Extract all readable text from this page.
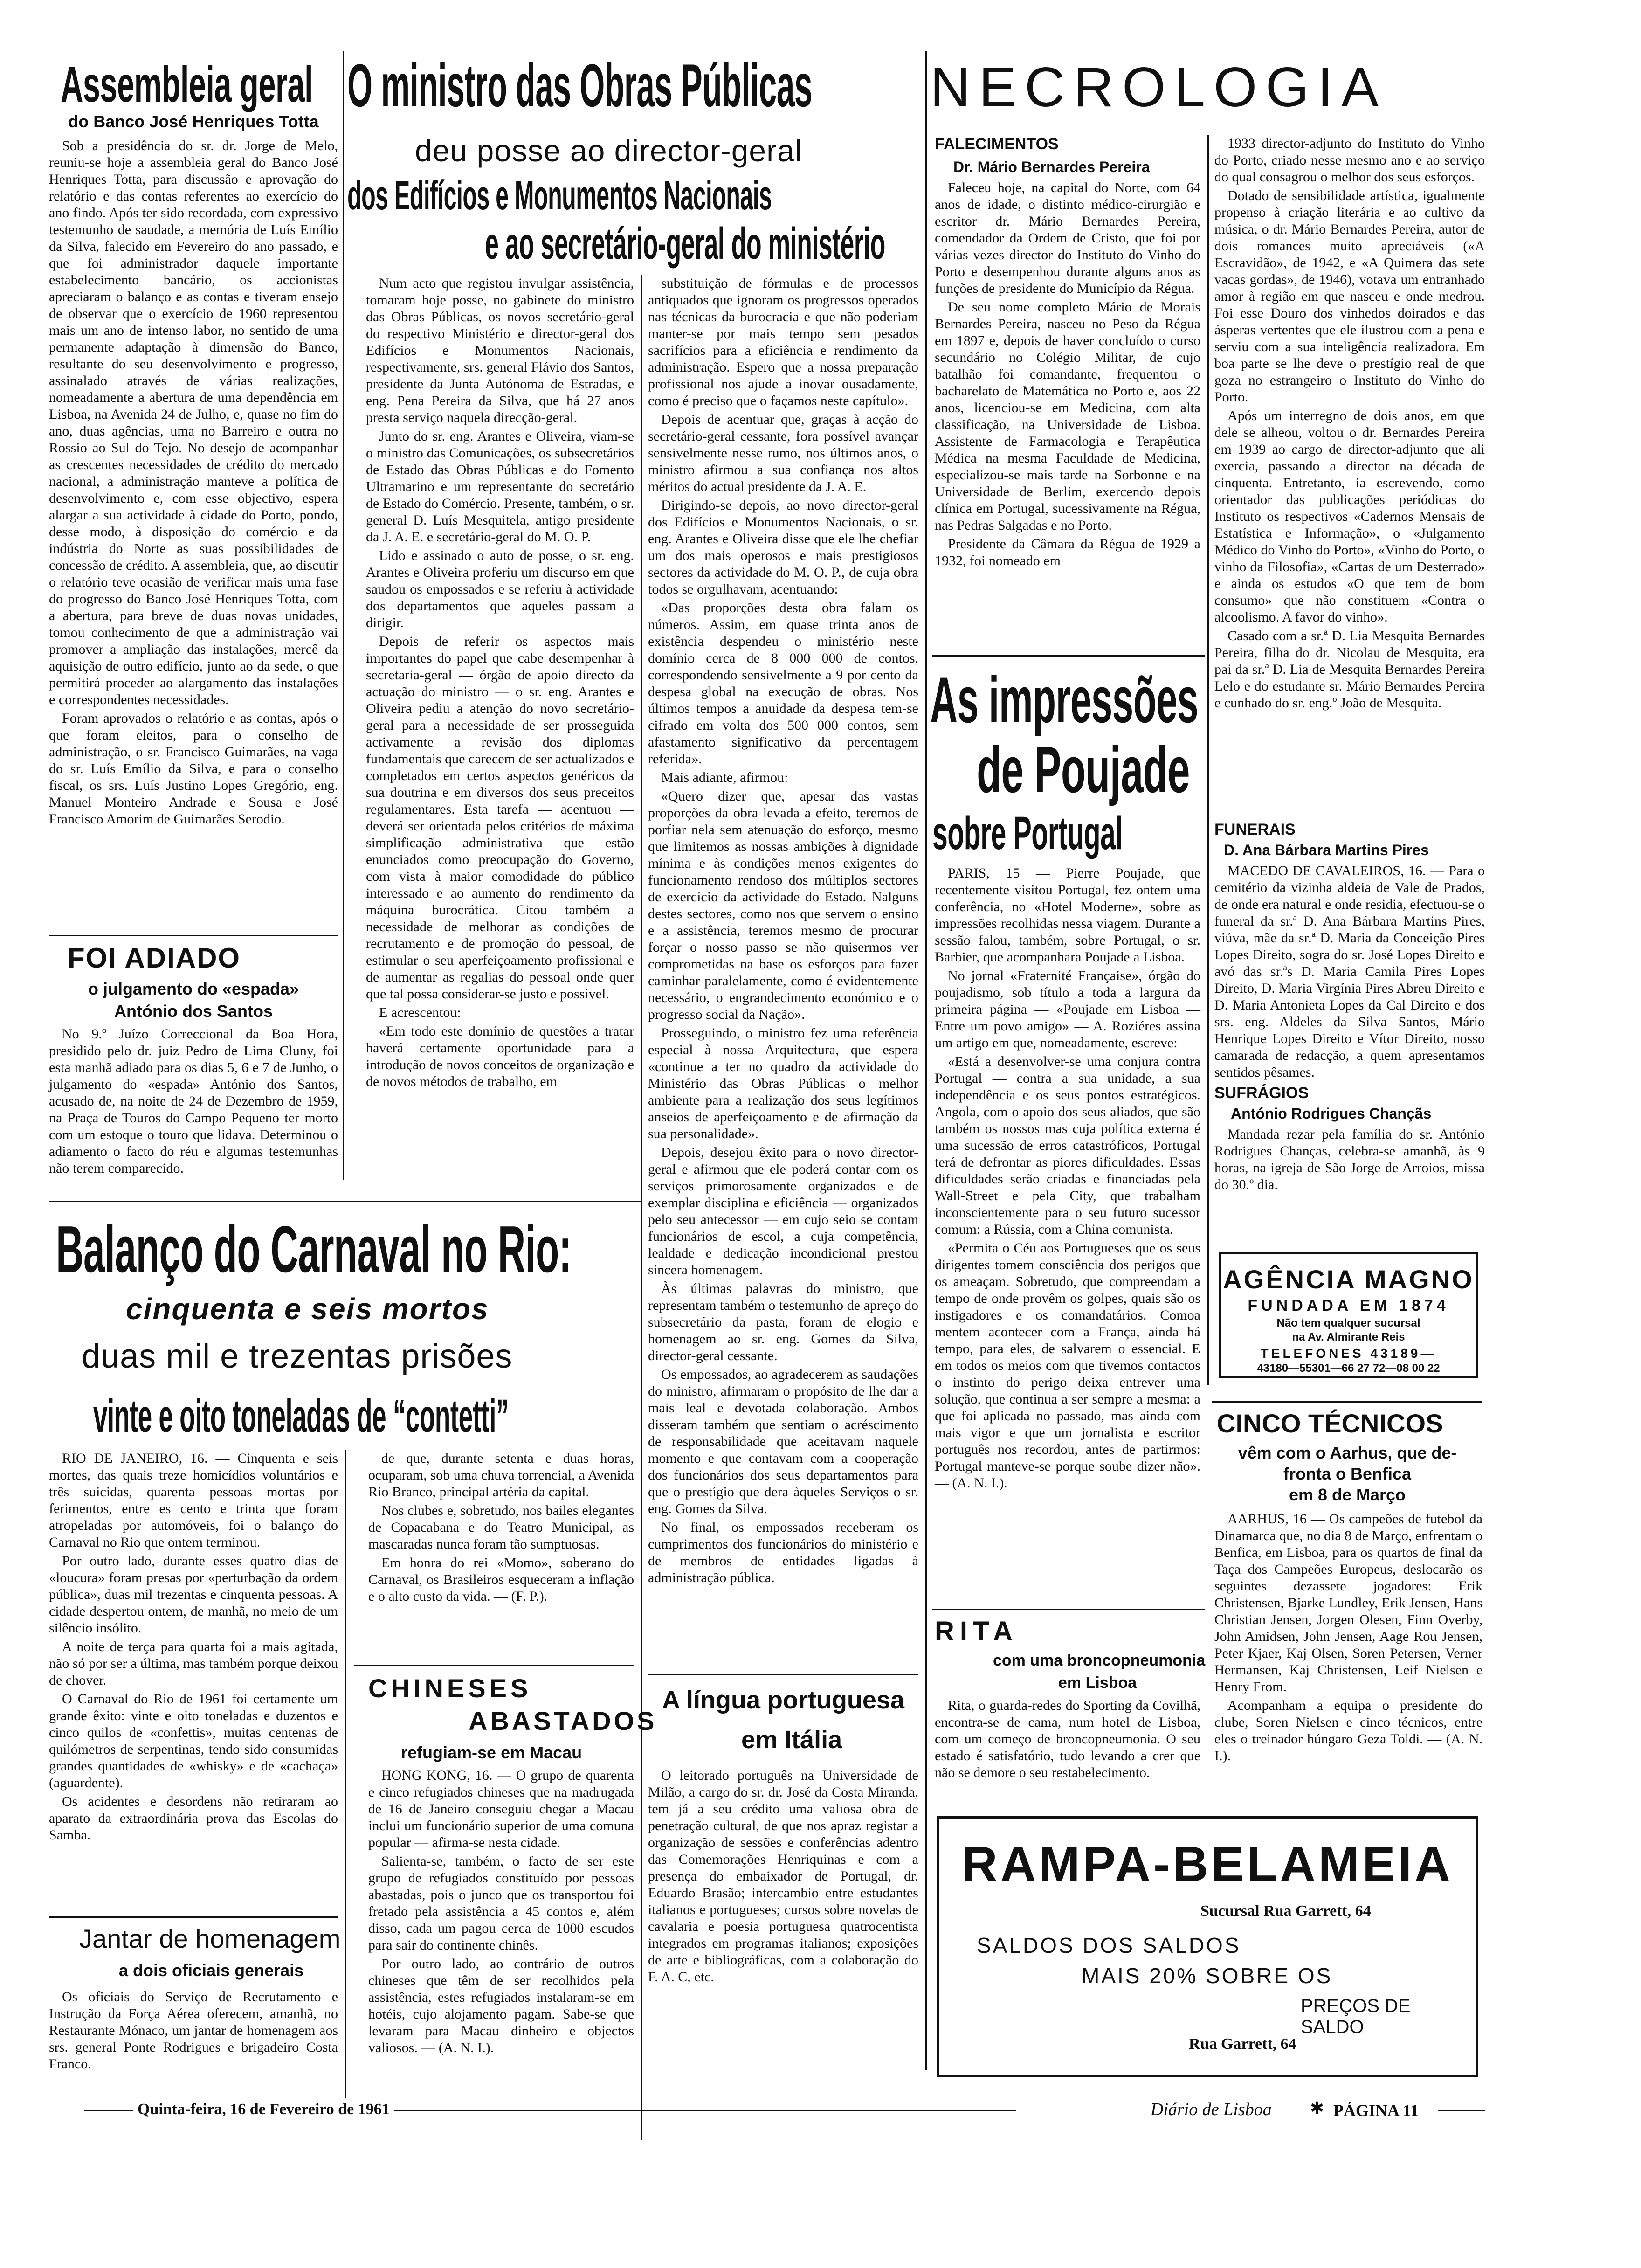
Assembleia geral
do Banco José Henriques Totta

Sob a presidência do sr. dr. Jorge de Melo, reuniu-se hoje a assembleia geral do Banco José Henriques Totta, para discussão e aprovação do relatório e das contas referentes ao exercício do ano findo. Após ter sido recordada, com expressivo testemunho de saudade, a memória de Luís Emílio da Silva, falecido em Fevereiro do ano passado, e que foi administrador daquele importante estabelecimento bancário, os accionistas apreciaram o balanço e as contas e tiveram ensejo de observar que o exercício de 1960 representou mais um ano de intenso labor, no sentido de uma permanente adaptação à dimensão do Banco, resultante do seu desenvolvimento e progresso, assinalado através de várias realizações, nomeadamente a abertura de uma dependência em Lisboa, na Avenida 24 de Julho, e, quase no fim do ano, duas agências, uma no Barreiro e outra no Rossio ao Sul do Tejo. No desejo de acompanhar as crescentes necessidades de crédito do mercado nacional, a administração manteve a política de desenvolvimento e, com esse objectivo, espera alargar a sua actividade à cidade do Porto, pondo, desse modo, à disposição do comércio e da indústria do Norte as suas possibilidades de concessão de crédito. A assembleia, que, ao discutir o relatório teve ocasião de verificar mais uma fase do progresso do Banco José Henriques Totta, com a abertura, para breve de duas novas unidades, tomou conhecimento de que a administração vai promover a ampliação das instalações, mercê da aquisição de outro edifício, junto ao da sede, o que permitirá proceder ao alargamento das instalações e correspondentes necessidades.

Foram aprovados o relatório e as contas, após o que foram eleitos, para o conselho de administração, o sr. Francisco Guimarães, na vaga do sr. Luís Emílio da Silva, e para o conselho fiscal, os srs. Luís Justino Lopes Gregório, eng. Manuel Monteiro Andrade e Sousa e José Francisco Amorim de Guimarães Serodio.

FOI ADIADO
o julgamento do «espada»
António dos Santos

No 9.º Juízo Correccional da Boa Hora, presidido pelo dr. juiz Pedro de Lima Cluny, foi esta manhã adiado para os dias 5, 6 e 7 de Junho, o julgamento do «espada» António dos Santos, acusado de, na noite de 24 de Dezembro de 1959, na Praça de Touros do Campo Pequeno ter morto com um estoque o touro que lidava. Determinou o adiamento o facto do réu e algumas testemunhas não terem comparecido.

O ministro das Obras Públicas
deu posse ao director-geral
dos Edifícios e Monumentos Nacionais
e ao secretário-geral do ministério

Num acto que registou invulgar assistência, tomaram hoje posse, no gabinete do ministro das Obras Públicas, os novos secretário-geral do respectivo Ministério e director-geral dos Edifícios e Monumentos Nacionais, respectivamente, srs. general Flávio dos Santos, presidente da Junta Autónoma de Estradas, e eng. Pena Pereira da Silva, que há 27 anos presta serviço naquela direcção-geral.

Junto do sr. eng. Arantes e Oliveira, viam-se o ministro das Comunicações, os subsecretários de Estado das Obras Públicas e do Fomento Ultramarino e um representante do secretário de Estado do Comércio. Presente, também, o sr. general D. Luís Mesquitela, antigo presidente da J. A. E. e secretário-geral do M. O. P.

Lido e assinado o auto de posse, o sr. eng. Arantes e Oliveira proferiu um discurso em que saudou os empossados e se referiu à actividade dos departamentos que aqueles passam a dirigir.

Depois de referir os aspectos mais importantes do papel que cabe desempenhar à secretaria-geral — órgão de apoio directo da actuação do ministro — o sr. eng. Arantes e Oliveira pediu a atenção do novo secretário-geral para a necessidade de ser prosseguida activamente a revisão dos diplomas fundamentais que carecem de ser actualizados e completados em certos aspectos genéricos da sua doutrina e em diversos dos seus preceitos regulamentares. Esta tarefa — acentuou — deverá ser orientada pelos critérios de máxima simplificação administrativa que estão enunciados como preocupação do Governo, com vista à maior comodidade do público interessado e ao aumento do rendimento da máquina burocrática. Citou também a necessidade de melhorar as condições de recrutamento e de promoção do pessoal, de estimular o seu aperfeiçoamento profissional e de aumentar as regalias do pessoal onde quer que tal possa considerar-se justo e possível.

E acrescentou:

«Em todo este domínio de questões a tratar haverá certamente oportunidade para a introdução de novos conceitos de organização e de novos métodos de trabalho, em

substituição de fórmulas e de processos antiquados que ignoram os progressos operados nas técnicas da burocracia e que não poderiam manter-se por mais tempo sem pesados sacrifícios para a eficiência e rendimento da administração. Espero que a nossa preparação profissional nos ajude a inovar ousadamente, como é preciso que o façamos neste capítulo».

Depois de acentuar que, graças à acção do secretário-geral cessante, fora possível avançar sensivelmente nesse rumo, nos últimos anos, o ministro afirmou a sua confiança nos altos méritos do actual presidente da J. A. E.

Dirigindo-se depois, ao novo director-geral dos Edifícios e Monumentos Nacionais, o sr. eng. Arantes e Oliveira disse que ele lhe chefiar um dos mais operosos e mais prestigiosos sectores da actividade do M. O. P., de cuja obra todos se orgulhavam, acentuando:

«Das proporções desta obra falam os números. Assim, em quase trinta anos de existência despendeu o ministério neste domínio cerca de 8 000 000 de contos, correspondendo sensivelmente a 9 por cento da despesa global na execução de obras. Nos últimos tempos a anuidade da despesa tem-se cifrado em volta dos 500 000 contos, sem afastamento significativo da percentagem referida».

Mais adiante, afirmou:

«Quero dizer que, apesar das vastas proporções da obra levada a efeito, teremos de porfiar nela sem atenuação do esforço, mesmo que limitemos as nossas ambições à dignidade mínima e às condições menos exigentes do funcionamento rendoso dos múltiplos sectores de exercício da actividade do Estado. Nalguns destes sectores, como nos que servem o ensino e a assistência, teremos mesmo de procurar forçar o nosso passo se não quisermos ver comprometidas na base os esforços para fazer caminhar paralelamente, como é evidentemente necessário, o engrandecimento económico e o progresso social da Nação».

Prosseguindo, o ministro fez uma referência especial à nossa Arquitectura, que espera «continue a ter no quadro da actividade do Ministério das Obras Públicas o melhor ambiente para a realização dos seus legítimos anseios de aperfeiçoamento e de afirmação da sua personalidade».

Depois, desejou êxito para o novo director-geral e afirmou que ele poderá contar com os serviços primorosamente organizados e de exemplar disciplina e eficiência — organizados pelo seu antecessor — em cujo seio se contam funcionários de escol, a cuja competência, lealdade e dedicação incondicional prestou sincera homenagem.

Às últimas palavras do ministro, que representam também o testemunho de apreço do subsecretário da pasta, foram de elogio e homenagem ao sr. eng. Gomes da Silva, director-geral cessante.

Os empossados, ao agradecerem as saudações do ministro, afirmaram o propósito de lhe dar a mais leal e devotada colaboração. Ambos disseram também que sentiam o acréscimento de responsabilidade que aceitavam naquele momento e que contavam com a cooperação dos funcionários dos seus departamentos para que o prestígio que dera àqueles Serviços o sr. eng. Gomes da Silva.

No final, os empossados receberam os cumprimentos dos funcionários do ministério e de membros de entidades ligadas à administração pública.

Balanço do Carnaval no Rio:
cinquenta e seis mortos
duas mil e trezentas prisões
vinte e oito toneladas de “contetti”

RIO DE JANEIRO, 16. — Cinquenta e seis mortes, das quais treze homicídios voluntários e três suicidas, quarenta pessoas mortas por ferimentos, entre es cento e trinta que foram atropeladas por automóveis, foi o balanço do Carnaval no Rio que ontem terminou.

Por outro lado, durante esses quatro dias de «loucura» foram presas por «perturbação da ordem pública», duas mil trezentas e cinquenta pessoas. A cidade despertou ontem, de manhã, no meio de um silêncio insólito.

A noite de terça para quarta foi a mais agitada, não só por ser a última, mas também porque deixou de chover.

O Carnaval do Rio de 1961 foi certamente um grande êxito: vinte e oito toneladas e duzentos e cinco quilos de «confettis», muitas centenas de quilómetros de serpentinas, tendo sido consumidas grandes quantidades de «whisky» e de «cachaça» (aguardente).

Os acidentes e desordens não retiraram ao aparato da extraordinária prova das Escolas do Samba.

de que, durante setenta e duas horas, ocuparam, sob uma chuva torrencial, a Avenida Rio Branco, principal artéria da capital.

Nos clubes e, sobretudo, nos bailes elegantes de Copacabana e do Teatro Municipal, as mascaradas nunca foram tão sumptuosas.

Em honra do rei «Momo», soberano do Carnaval, os Brasileiros esqueceram a inflação e o alto custo da vida. — (F. P.).

Jantar de homenagem
a dois oficiais generais

Os oficiais do Serviço de Recrutamento e Instrução da Força Aérea oferecem, amanhã, no Restaurante Mónaco, um jantar de homenagem aos srs. general Ponte Rodrigues e brigadeiro Costa Franco.

CHINESES
ABASTADOS
refugiam-se em Macau

HONG KONG, 16. — O grupo de quarenta e cinco refugiados chineses que na madrugada de 16 de Janeiro conseguiu chegar a Macau inclui um funcionário superior de uma comuna popular — afirma-se nesta cidade.

Salienta-se, também, o facto de ser este grupo de refugiados constituído por pessoas abastadas, pois o junco que os transportou foi fretado pela assistência a 45 contos e, além disso, cada um pagou cerca de 1000 escudos para sair do continente chinês.

Por outro lado, ao contrário de outros chineses que têm de ser recolhidos pela assistência, estes refugiados instalaram-se em hotéis, cujo alojamento pagam. Sabe-se que levaram para Macau dinheiro e objectos valiosos. — (A. N. I.).

A língua portuguesa
em Itália

O leitorado português na Universidade de Milão, a cargo do sr. dr. José da Costa Miranda, tem já a seu crédito uma valiosa obra de penetração cultural, de que nos apraz registar a organização de sessões e conferências adentro das Comemorações Henriquinas e com a presença do embaixador de Portugal, dr. Eduardo Brasão; intercambio entre estudantes italianos e portugueses; cursos sobre novelas de cavalaria e poesia portuguesa quatrocentista integrados em programas italianos; exposições de arte e bibliográficas, com a colaboração do F. A. C, etc.

NECROLOGIA
FALECIMENTOS
Dr. Mário Bernardes Pereira

Faleceu hoje, na capital do Norte, com 64 anos de idade, o distinto médico-cirurgião e escritor dr. Mário Bernardes Pereira, comendador da Ordem de Cristo, que foi por várias vezes director do Instituto do Vinho do Porto e desempenhou durante alguns anos as funções de presidente do Município da Régua.

De seu nome completo Mário de Morais Bernardes Pereira, nasceu no Peso da Régua em 1897 e, depois de haver concluído o curso secundário no Colégio Militar, de cujo batalhão foi comandante, frequentou o bacharelato de Matemática no Porto e, aos 22 anos, licenciou-se em Medicina, com alta classificação, na Universidade de Lisboa. Assistente de Farmacologia e Terapêutica Médica na mesma Faculdade de Medicina, especializou-se mais tarde na Sorbonne e na Universidade de Berlim, exercendo depois clínica em Portugal, sucessivamente na Régua, nas Pedras Salgadas e no Porto.

Presidente da Câmara da Régua de 1929 a 1932, foi nomeado em

1933 director-adjunto do Instituto do Vinho do Porto, criado nesse mesmo ano e ao serviço do qual consagrou o melhor dos seus esforços.

Dotado de sensibilidade artística, igualmente propenso à criação literária e ao cultivo da música, o dr. Mário Bernardes Pereira, autor de dois romances muito apreciáveis («A Escravidão», de 1942, e «A Quimera das sete vacas gordas», de 1946), votava um entranhado amor à região em que nasceu e onde medrou. Foi esse Douro dos vinhedos doirados e das ásperas vertentes que ele ilustrou com a pena e serviu com a sua inteligência realizadora. Em boa parte se lhe deve o prestígio real de que goza no estrangeiro o Instituto do Vinho do Porto.

Após um interregno de dois anos, em que dele se alheou, voltou o dr. Bernardes Pereira em 1939 ao cargo de director-adjunto que ali exercia, passando a director na década de cinquenta. Entretanto, ia escrevendo, como orientador das publicações periódicas do Instituto os respectivos «Cadernos Mensais de Estatística e Informação», o «Julgamento Médico do Vinho do Porto», «Vinho do Porto, o vinho da Filosofia», «Cartas de um Desterrado» e ainda os estudos «O que tem de bom consumo» que não constituem «Contra o alcoolismo. A favor do vinho».

Casado com a sr.ª D. Lia Mesquita Bernardes Pereira, filha do dr. Nicolau de Mesquita, era pai da sr.ª D. Lia de Mesquita Bernardes Pereira Lelo e do estudante sr. Mário Bernardes Pereira e cunhado do sr. eng.º João de Mesquita.

FUNERAIS
D. Ana Bárbara Martins Pires

MACEDO DE CAVALEIROS, 16. — Para o cemitério da vizinha aldeia de Vale de Prados, de onde era natural e onde residia, efectuou-se o funeral da sr.ª D. Ana Bárbara Martins Pires, viúva, mãe da sr.ª D. Maria da Conceição Pires Lopes Direito, sogra do sr. José Lopes Direito e avó das sr.ªs D. Maria Camila Pires Lopes Direito, D. Maria Virgínia Pires Abreu Direito e D. Maria Antonieta Lopes da Cal Direito e dos srs. eng. Aldeles da Silva Santos, Mário Henrique Lopes Direito e Vítor Direito, nosso camarada de redacção, a quem apresentamos sentidos pêsames.

SUFRÁGIOS
António Rodrigues Chançãs

Mandada rezar pela família do sr. António Rodrigues Chanças, celebra-se amanhã, às 9 horas, na igreja de São Jorge de Arroios, missa do 30.º dia.

As impressões
de Poujade
sobre Portugal

PARIS, 15 — Pierre Poujade, que recentemente visitou Portugal, fez ontem uma conferência, no «Hotel Moderne», sobre as impressões recolhidas nessa viagem. Durante a sessão falou, também, sobre Portugal, o sr. Barbier, que acompanhara Poujade a Lisboa.

No jornal «Fraternité Française», órgão do poujadismo, sob título a toda a largura da primeira página — «Poujade em Lisboa — Entre um povo amigo» — A. Roziéres assina um artigo em que, nomeadamente, escreve:

«Está a desenvolver-se uma conjura contra Portugal — contra a sua unidade, a sua independência e os seus pontos estratégicos. Angola, com o apoio dos seus aliados, que são também os nossos mas cuja política externa é uma sucessão de erros catastróficos, Portugal terá de defrontar as piores dificuldades. Essas dificuldades serão criadas e financiadas pela Wall-Street e pela City, que trabalham inconscientemente para o seu futuro sucessor comum: a Rússia, com a China comunista.

«Permita o Céu aos Portugueses que os seus dirigentes tomem consciência dos perigos que os ameaçam. Sobretudo, que compreendam a tempo de onde provêm os golpes, quais são os instigadores e os comandatários. Comoa mentem acontecer com a França, ainda há tempo, para eles, de salvarem o essencial. E em todos os meios com que tivemos contactos o instinto do perigo deixa entrever uma solução, que continua a ser sempre a mesma: a que foi aplicada no passado, mas ainda com mais vigor e que um jornalista e escritor português nos recordou, antes de partirmos: Portugal manteve-se porque soube dizer não». — (A. N. I.).

RITA
com uma broncopneumonia
em Lisboa

Rita, o guarda-redes do Sporting da Covilhã, encontra-se de cama, num hotel de Lisboa, com um começo de broncopneumonia. O seu estado é satisfatório, tudo levando a crer que não se demore o seu restabelecimento.

AGÊNCIA MAGNO
FUNDADA EM 1874
Não tem qualquer sucursal
na Av. Almirante Reis
TELEFONES 43189—
43180—55301—66 27 72—08 00 22
CINCO TÉCNICOS
vêm com o Aarhus, que de-
fronta o Benfica
em 8 de Março

AARHUS, 16 — Os campeões de futebol da Dinamarca que, no dia 8 de Março, enfrentam o Benfica, em Lisboa, para os quartos de final da Taça dos Campeões Europeus, deslocarão os seguintes dezassete jogadores: Erik Christensen, Bjarke Lundley, Erik Jensen, Hans Christian Jensen, Jorgen Olesen, Finn Overby, John Amidsen, John Jensen, Aage Rou Jensen, Peter Kjaer, Kaj Olsen, Soren Petersen, Verner Hermansen, Kaj Christensen, Leif Nielsen e Henry From.

Acompanham a equipa o presidente do clube, Soren Nielsen e cinco técnicos, entre eles o treinador húngaro Geza Toldi. — (A. N. I.).

RAMPA-BELAMEIA
Sucursal Rua Garrett, 64
SALDOS DOS SALDOS
MAIS 20% SOBRE OS
PREÇOS DE SALDO
Rua Garrett, 64
Quinta-feira, 16 de Fevereiro de 1961	Diário de Lisboa ✱ PÁGINA 11
